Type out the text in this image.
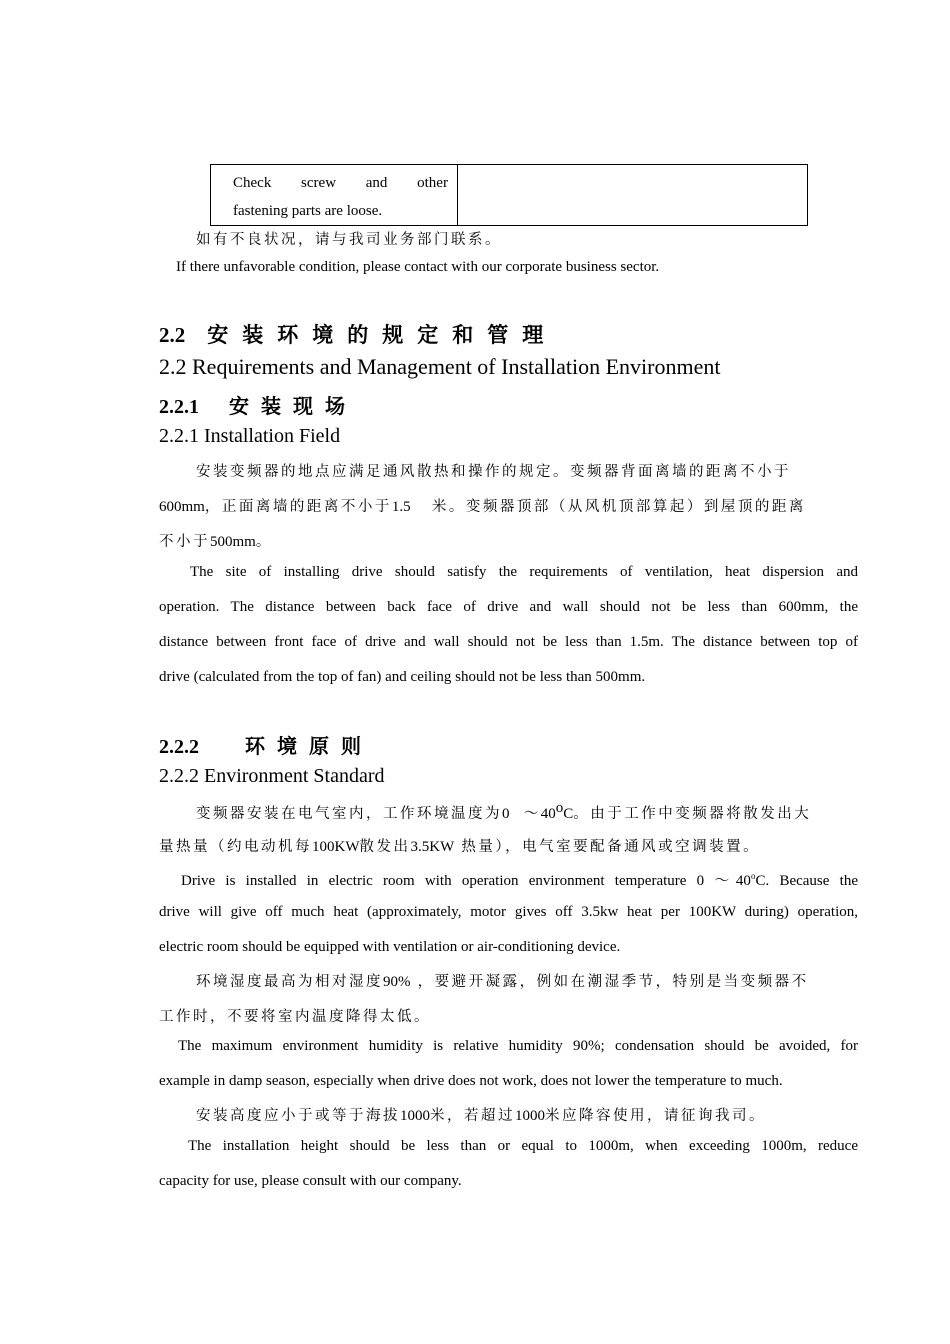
Check screw and other
fastening parts are loose.

如有不良状况，请与我司业务部门联系。
If there unfavorable condition, please contact with our corporate business sector.
2.2 安装环境的规定和管理
2.2 Requirements and Management of Installation Environment
2.2.1 安装现场
2.2.1 Installation Field
安装变频器的地点应满足通风散热和操作的规定。变频器背面离墙的距离不小于
600mm，正面离墙的距离不小于1.5 米。变频器顶部（从风机顶部算起）到屋顶的距离
不小于500mm。
The site of installing drive should satisfy the requirements of ventilation, heat dispersion and
operation. The distance between back face of drive and wall should not be less than 600mm, the
distance between front face of drive and wall should not be less than 1.5m. The distance between top of
drive (calculated from the top of fan) and ceiling should not be less than 500mm.
2.2.2 环境原则
2.2.2 Environment Standard
变频器安装在电气室内，工作环境温度为0 ～40$^o$C。由于工作中变频器将散发出大
量热量（约电动机每100KW散发出3.5KW 热量），电气室要配备通风或空调装置。
Drive is installed in electric room with operation environment temperature 0 ～40$^o$C. Because the
drive will give off much heat (approximately, motor gives off 3.5kw heat per 100KW during) operation,
electric room should be equipped with ventilation or air-conditioning device.
环境湿度最高为相对湿度90% ，要避开凝露，例如在潮湿季节，特别是当变频器不
工作时，不要将室内温度降得太低。
The maximum environment humidity is relative humidity 90%; condensation should be avoided, for
example in damp season, especially when drive does not work, does not lower the temperature to much.
安装高度应小于或等于海拔1000米，若超过1000米应降容使用，请征询我司。
The installation height should be less than or equal to 1000m, when exceeding 1000m, reduce
capacity for use, please consult with our company.
